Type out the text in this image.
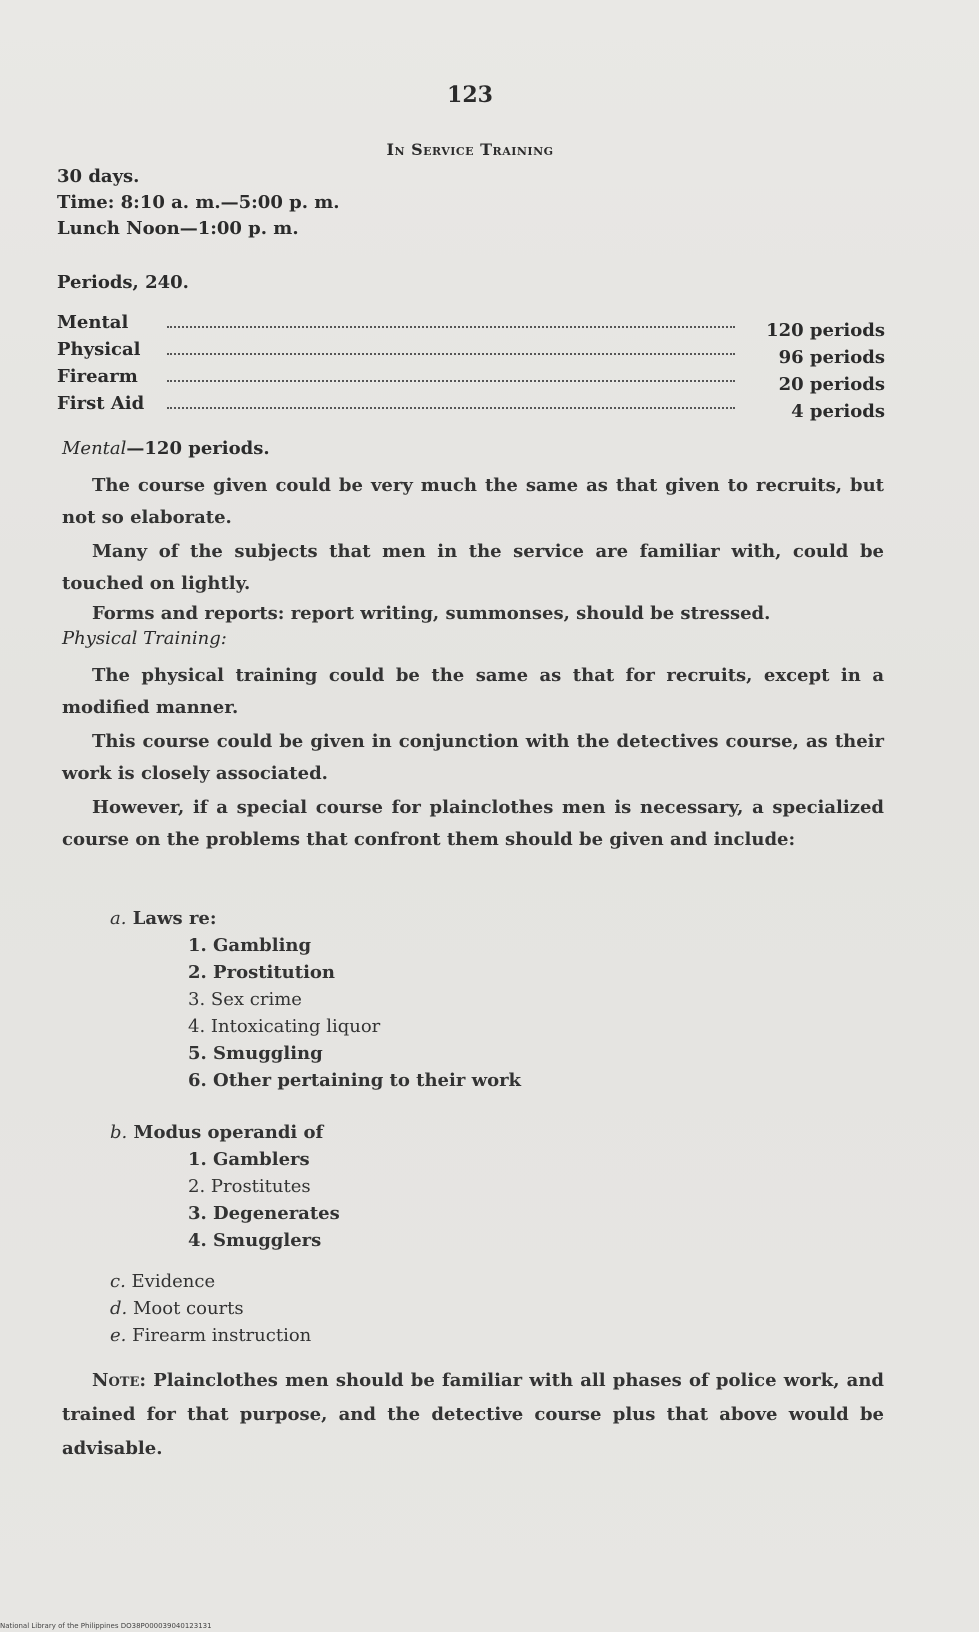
123
In Service Training
30 days.
Time: 8:10 a. m.—5:00 p. m.
Lunch Noon—1:00 p. m.
Periods, 240.
Mental	120 periods
Physical	96 periods
Firearm	20 periods
First Aid	4 periods
Mental—120 periods.
The course given could be very much the same as that given to recruits, but not so elaborate.
Many of the subjects that men in the service are familiar with, could be touched on lightly.
Forms and reports: report writing, summonses, should be stressed.
Physical Training:
The physical training could be the same as that for recruits, except in a modified manner.
This course could be given in conjunction with the detectives course, as their work is closely associated.
However, if a special course for plainclothes men is necessary, a specialized course on the problems that confront them should be given and include:
a. Laws re:
1. Gambling
2. Prostitution
3. Sex crime
4. Intoxicating liquor
5. Smuggling
6. Other pertaining to their work
b. Modus operandi of
1. Gamblers
2. Prostitutes
3. Degenerates
4. Smugglers
c. Evidence
d. Moot courts
e. Firearm instruction
Note: Plainclothes men should be familiar with all phases of police work, and trained for that purpose, and the detective course plus that above would be advisable.
National Library of the Philippines DO38P000039040123131
